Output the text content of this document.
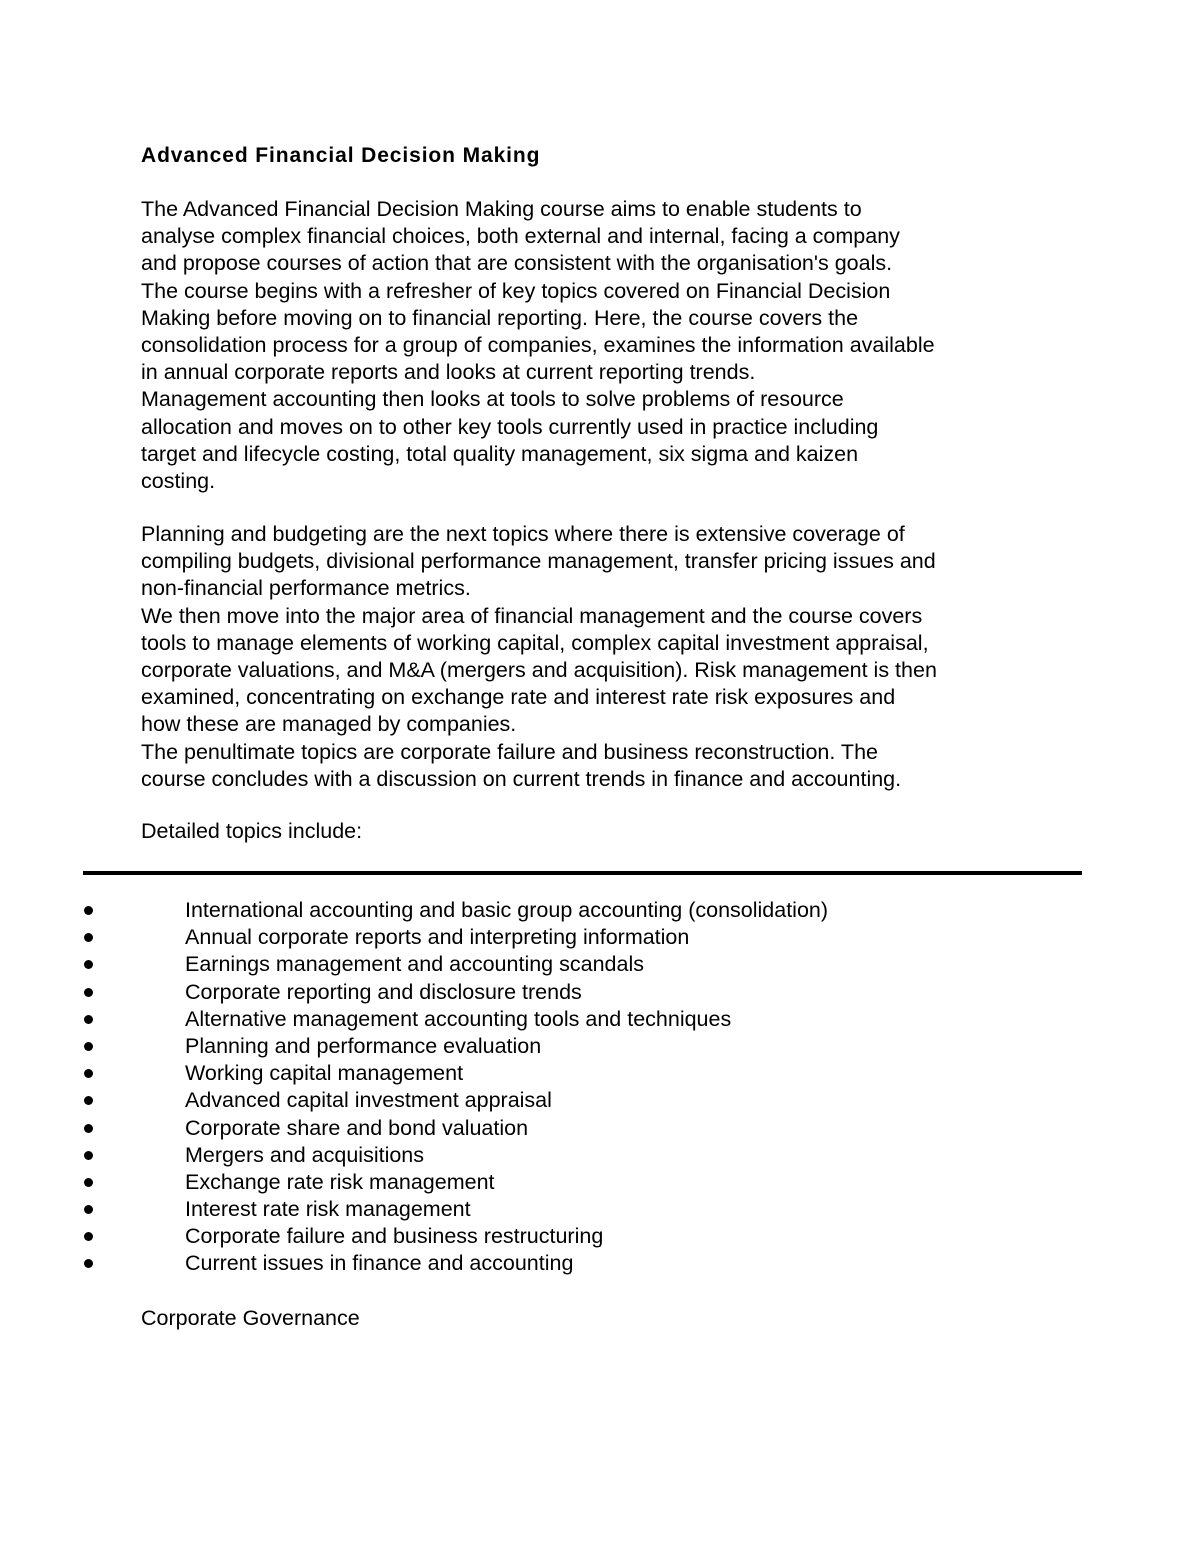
Advanced Financial Decision Making
The Advanced Financial Decision Making course aims to enable students to
analyse complex financial choices, both external and internal, facing a company
and propose courses of action that are consistent with the organisation's goals.
The course begins with a refresher of key topics covered on Financial Decision
Making before moving on to financial reporting. Here, the course covers the
consolidation process for a group of companies, examines the information available
in annual corporate reports and looks at current reporting trends.
Management accounting then looks at tools to solve problems of resource
allocation and moves on to other key tools currently used in practice including
target and lifecycle costing, total quality management, six sigma and kaizen
costing.
Planning and budgeting are the next topics where there is extensive coverage of
compiling budgets, divisional performance management, transfer pricing issues and
non-financial performance metrics.
We then move into the major area of financial management and the course covers
tools to manage elements of working capital, complex capital investment appraisal,
corporate valuations, and M&A (mergers and acquisition). Risk management is then
examined, concentrating on exchange rate and interest rate risk exposures and
how these are managed by companies.
The penultimate topics are corporate failure and business reconstruction. The
course concludes with a discussion on current trends in finance and accounting.
Detailed topics include:
International accounting and basic group accounting (consolidation)
Annual corporate reports and interpreting information
Earnings management and accounting scandals
Corporate reporting and disclosure trends
Alternative management accounting tools and techniques
Planning and performance evaluation
Working capital management
Advanced capital investment appraisal
Corporate share and bond valuation
Mergers and acquisitions
Exchange rate risk management
Interest rate risk management
Corporate failure and business restructuring
Current issues in finance and accounting
Corporate Governance
